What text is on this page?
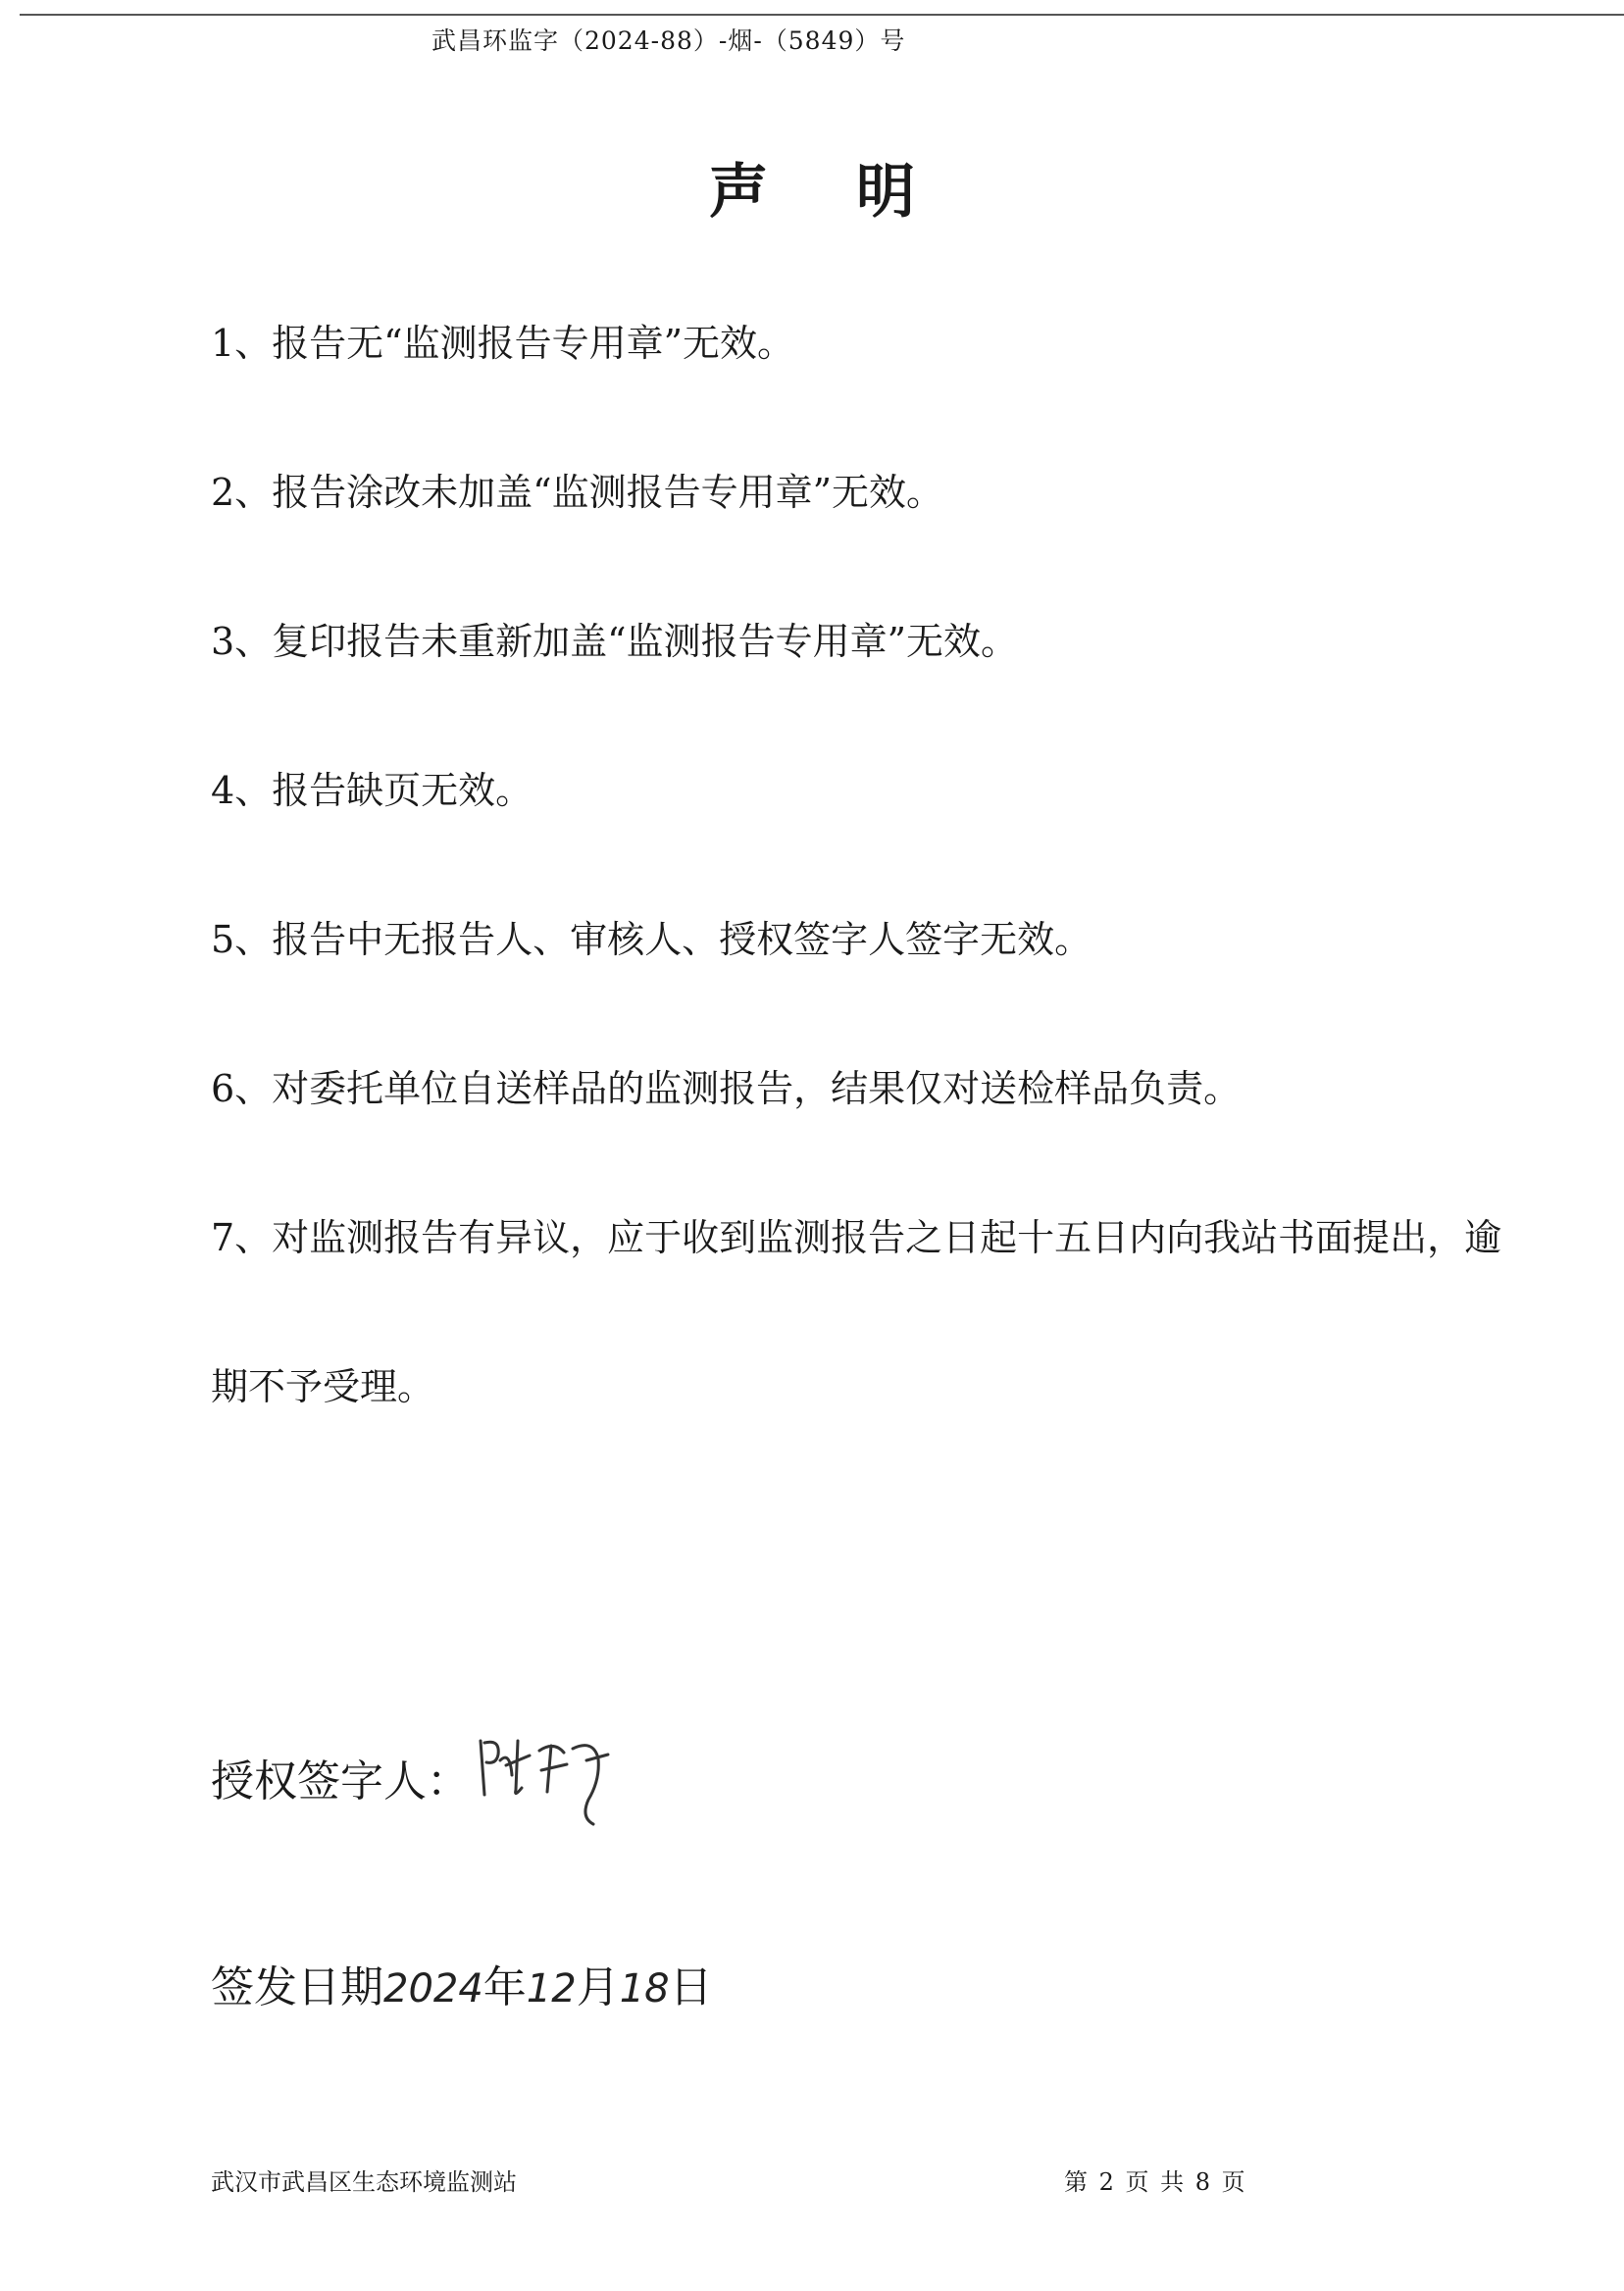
武昌环监字（2024-88）-烟-（5849）号
声明
1、报告无“监测报告专用章”无效。
2、报告涂改未加盖“监测报告专用章”无效。
3、复印报告未重新加盖“监测报告专用章”无效。
4、报告缺页无效。
5、报告中无报告人、审核人、授权签字人签字无效。
6、对委托单位自送样品的监测报告，结果仅对送检样品负责。
7、对监测报告有异议，应于收到监测报告之日起十五日内向我站书面提出，逾期不予受理。
授权签字人：
签发日期2024年12月18日
武汉市武昌区生态环境监测站	第 2 页 共 8 页
